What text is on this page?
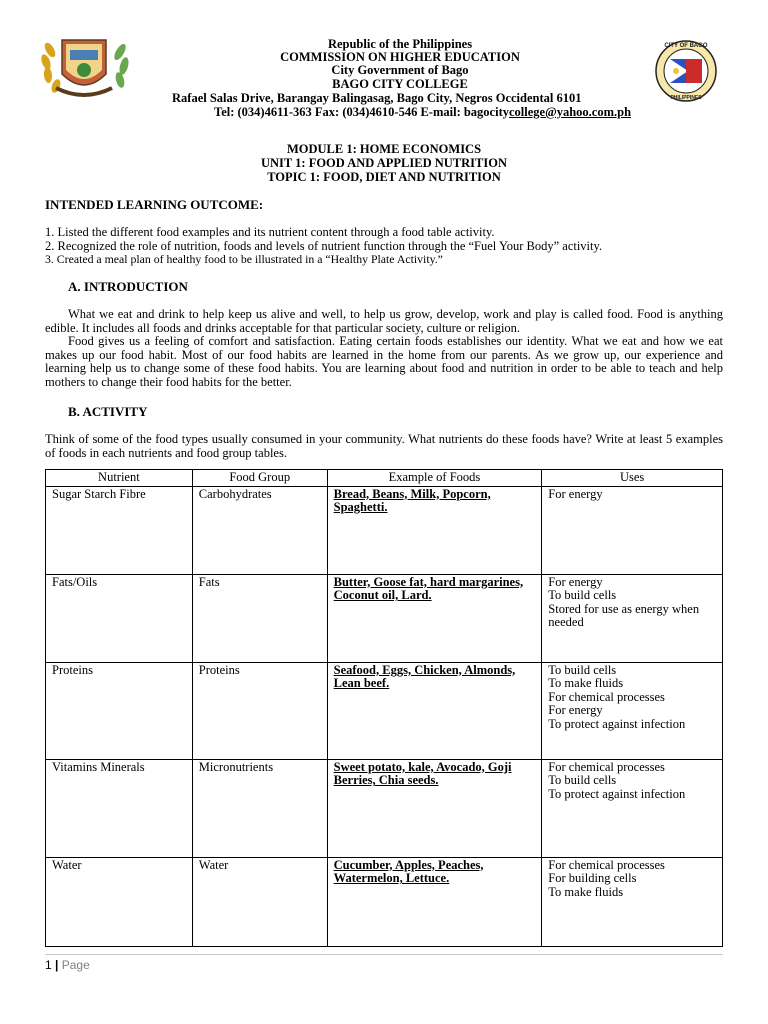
CITY OF BAGO
PHILIPPINES
Republic of the Philippines
COMMISSION ON HIGHER EDUCATION
City Government of Bago
BAGO CITY COLLEGE
Rafael Salas Drive, Barangay Balingasag, Bago City, Negros Occidental 6101
Tel: (034)4611-363 Fax: (034)4610-546 E-mail: bagocitycollege@yahoo.com.ph
MODULE 1: HOME ECONOMICS
UNIT 1: FOOD AND APPLIED NUTRITION
TOPIC 1: FOOD, DIET AND NUTRITION
INTENDED LEARNING OUTCOME:
1. Listed the different food examples and its nutrient content through a food table activity.
2. Recognized the role of nutrition, foods and levels of nutrient function through the “Fuel Your Body” activity.
3. Created a meal plan of healthy food to be illustrated in a “Healthy Plate Activity.”
A. INTRODUCTION
What we eat and drink to help keep us alive and well, to help us grow, develop, work and play is called food. Food is anything edible. It includes all foods and drinks acceptable for that particular society, culture or religion.
Food gives us a feeling of comfort and satisfaction. Eating certain foods establishes our identity. What we eat and how we eat makes up our food habit. Most of our food habits are learned in the home from our parents. As we grow up, our experience and learning help us to change some of these food habits. You are learning about food and nutrition in order to be able to teach and help mothers to change their food habits for the better.
B. ACTIVITY
Think of some of the food types usually consumed in your community. What nutrients do these foods have? Write at least 5 examples of foods in each nutrients and food group tables.
Nutrient	Food Group	Example of Foods	Uses
Sugar Starch Fibre	Carbohydrates	Bread, Beans, Milk, Popcorn, Spaghetti.	For energy

Fats/Oils	Fats	Butter, Goose fat, hard margarines, Coconut oil, Lard.	For energy
To build cells
Stored for use as energy when needed

Proteins	Proteins	Seafood, Eggs, Chicken, Almonds, Lean beef.	To build cells
To make fluids
For chemical processes
For energy
To protect against infection

Vitamins Minerals	Micronutrients	Sweet potato, kale, Avocado, Goji Berries, Chia seeds.	For chemical processes
To build cells
To protect against infection

Water	Water	Cucumber, Apples, Peaches, Watermelon, Lettuce.	For chemical processes
For building cells
To make fluids
1 | Page
